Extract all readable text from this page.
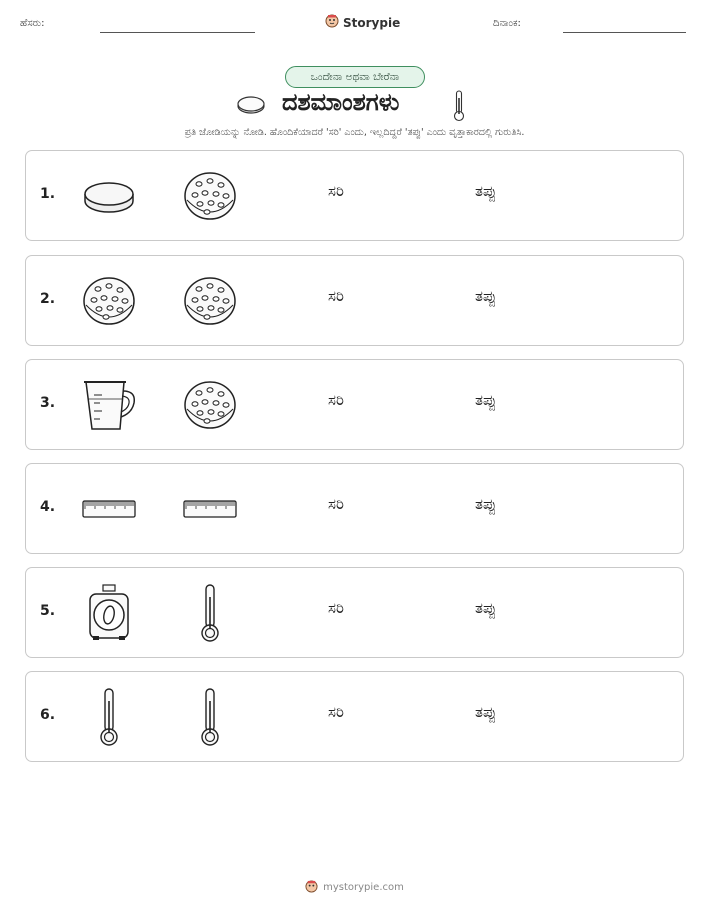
ಹೆಸರು:	Storypie	ದಿನಾಂಕ:
ಒಂದೇನಾ ಅಥವಾ ಬೇರೆನಾ
ದಶಮಾಂಶಗಳು
ಪ್ರತಿ ಜೋಡಿಯನ್ನು ನೋಡಿ. ಹೊಂದಿಕೆಯಾದರೆ 'ಸರಿ' ಎಂದು, ಇಲ್ಲದಿದ್ದರೆ 'ತಪ್ಪು' ಎಂದು ವೃತ್ತಾಕಾರದಲ್ಲಿ ಗುರುತಿಸಿ.
1.	ಸರಿ	ತಪ್ಪು
2.	ಸರಿ	ತಪ್ಪು
3.	ಸರಿ	ತಪ್ಪು
4.	ಸರಿ	ತಪ್ಪು
5.	ಸರಿ	ತಪ್ಪು
6.	ಸರಿ	ತಪ್ಪು
mystorypie.com
